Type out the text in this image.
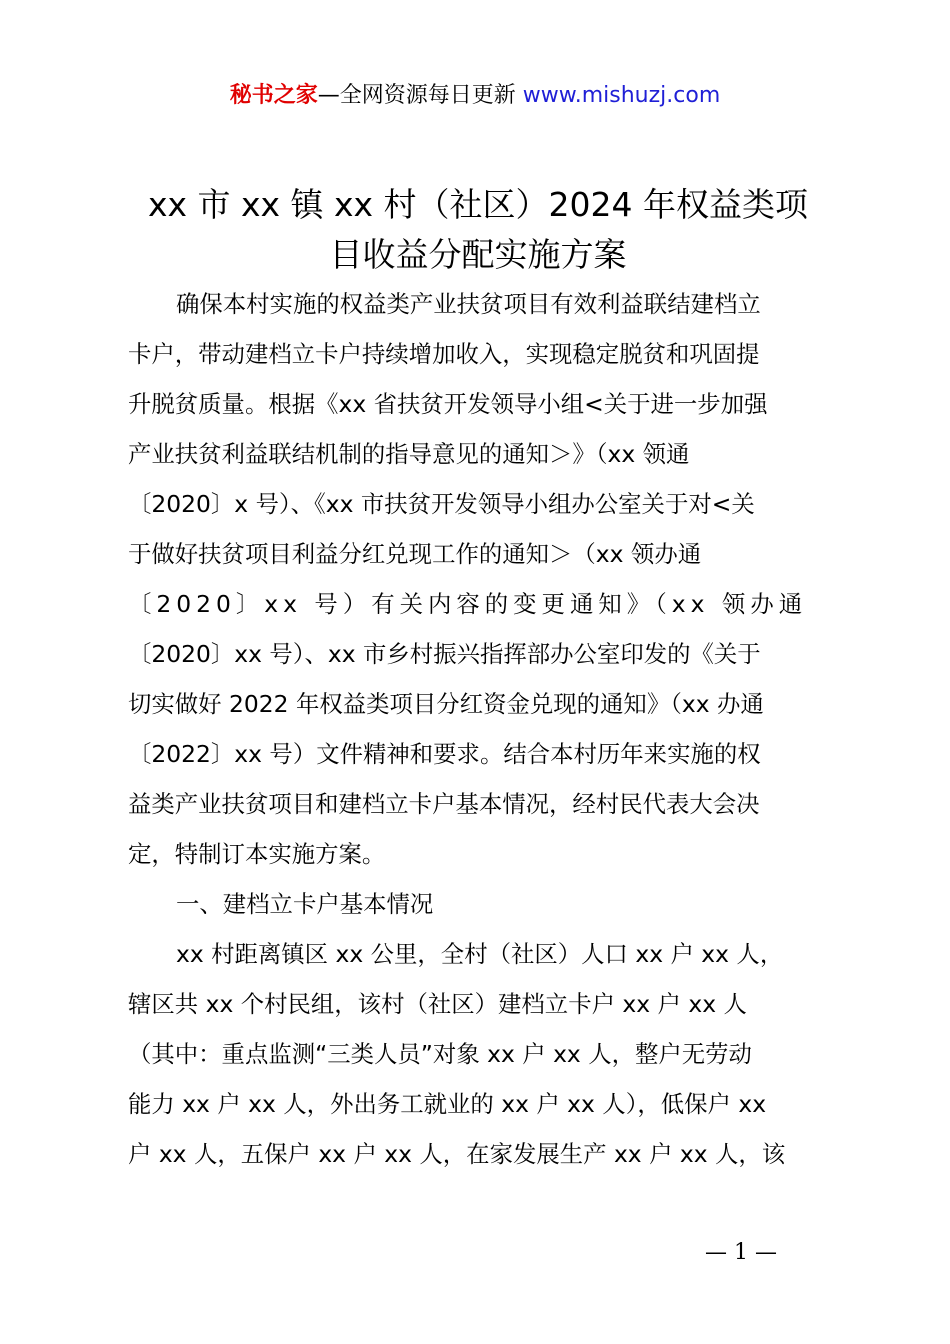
秘书之家—全网资源每日更新 www.mishuzj.com
xx 市 xx 镇 xx 村（社区）2024 年权益类项
目收益分配实施方案
确保本村实施的权益类产业扶贫项目有效利益联结建档立
卡户，带动建档立卡户持续增加收入，实现稳定脱贫和巩固提
升脱贫质量。根据《xx 省扶贫开发领导小组<关于进一步加强
产业扶贫利益联结机制的指导意见的通知＞》（xx 领通
〔2020〕x 号）、《xx 市扶贫开发领导小组办公室关于对<关
于做好扶贫项目利益分红兑现工作的通知＞（xx 领办通
〔2020〕xx 号）有关内容的变更通知》（xx 领办通
〔2020〕xx 号）、xx 市乡村振兴指挥部办公室印发的《关于
切实做好 2022 年权益类项目分红资金兑现的通知》（xx 办通
〔2022〕xx 号）文件精神和要求。结合本村历年来实施的权
益类产业扶贫项目和建档立卡户基本情况，经村民代表大会决
定，特制订本实施方案。
一、建档立卡户基本情况
xx 村距离镇区 xx 公里，全村（社区）人口 xx 户 xx 人，
辖区共 xx 个村民组，该村（社区）建档立卡户 xx 户 xx 人
（其中：重点监测“三类人员”对象 xx 户 xx 人，整户无劳动
能力 xx 户 xx 人，外出务工就业的 xx 户 xx 人），低保户 xx
户 xx 人，五保户 xx 户 xx 人，在家发展生产 xx 户 xx 人，该
— 1 —
